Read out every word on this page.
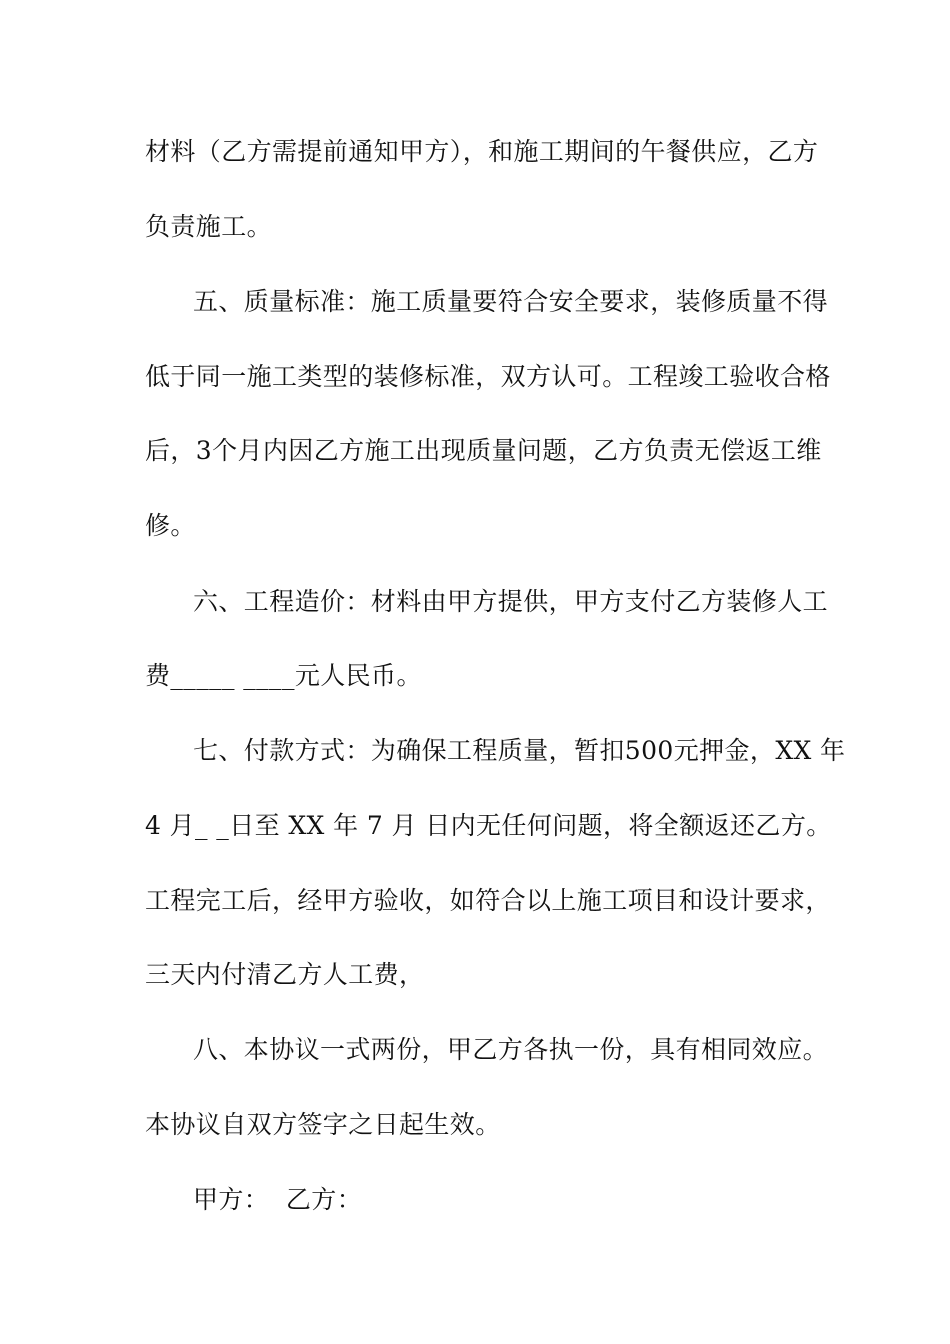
材料（乙方需提前通知甲方），和施工期间的午餐供应，乙方
负责施工。
五、质量标准：施工质量要符合安全要求，装修质量不得
低于同一施工类型的装修标准，双方认可。工程竣工验收合格
后，3个月内因乙方施工出现质量问题，乙方负责无偿返工维
修。
六、工程造价：材料由甲方提供，甲方支付乙方装修人工
费_____ ____元人民币。
七、付款方式：为确保工程质量，暂扣500元押金，XX 年
4 月_ _日至 XX 年 7 月 日内无任何问题，将全额返还乙方。
工程完工后，经甲方验收，如符合以上施工项目和设计要求，
三天内付清乙方人工费，
八、本协议一式两份，甲乙方各执一份，具有相同效应。
本协议自双方签字之日起生效。
甲方：  乙方：
